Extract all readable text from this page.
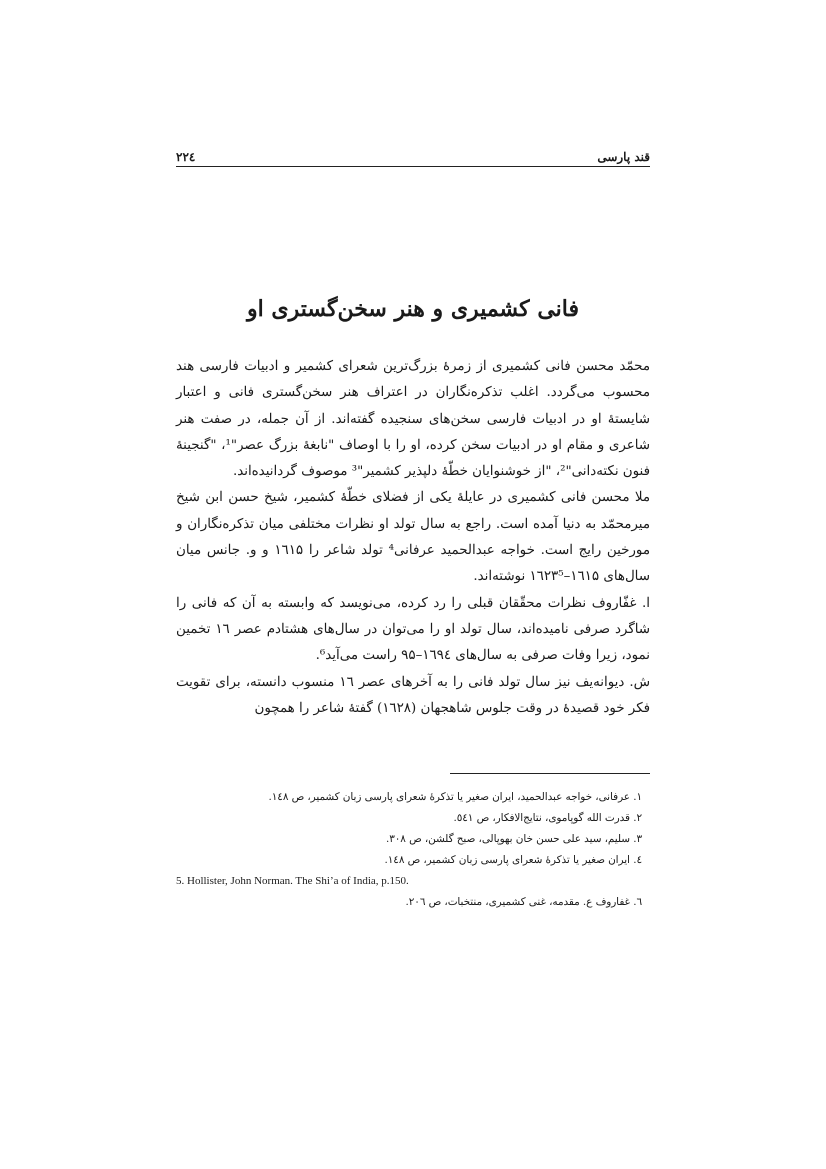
۲۲٤	قند پارسی
فانی کشمیری و هنر سخن‌گستری او

محمّد محسن فانی کشمیری از زمرهٔ بزرگ‌ترین شعرای کشمیر و ادبیات فارسی هند محسوب می‌گردد. اغلب تذکره‌نگاران در اعتراف هنر سخن‌گستری فانی و اعتبار شایستهٔ او در ادبیات فارسی سخن‌های سنجیده گفته‌اند. از آن جمله، در صفت هنر شاعری و مقام او در ادبیات سخن کرده، او را با اوصاف "نابغهٔ بزرگ عصر"¹، "گنجینهٔ فنون نکته‌دانی"²، "از خوشنوایان خطّهٔ دلپذیر کشمیر"³ موصوف گردانیده‌اند.

ملا محسن فانی کشمیری در عایلهٔ یکی از فضلای خطّهٔ کشمیر، شیخ حسن ابن شیخ میرمحمّد به دنیا آمده است. راجع به سال تولد او نظرات مختلفی میان تذکره‌نگاران و مورخین رایج است. خواجه عبدالحمید عرفانی⁴ تولد شاعر را ۱٦۱۵ و و. جانس میان سال‌های ۱٦۱۵–۱٦۲۳⁵ نوشته‌اند.

ا. غفّاروف نظرات محقّقان قبلی را رد کرده، می‌نویسد که وابسته به آن که فانی را شاگرد صرفی نامیده‌اند، سال تولد او را می‌توان در سال‌های هشتادم عصر ۱٦ تخمین نمود، زیرا وفات صرفی به سال‌های ۱٦۹٤–۹۵ راست می‌آید⁶.

ش. دیوانه‌یف نیز سال تولد فانی را به آخرهای عصر ۱٦ منسوب دانسته، برای تقویت فکر خود قصیدهٔ در وقت جلوس شاهجهان (۱٦۲۸) گفتهٔ شاعر را همچون

۱. عرفانی، خواجه عبدالحمید، ایران صغیر یا تذکرهٔ شعرای پارسی زبان کشمیر، ص ۱٤۸.

۲. قدرت الله گوپاموی، نتایج‌الافکار، ص ٥٤۱.

۳. سلیم، سید علی حسن خان بهوپالی، صبح گلشن، ص ۳۰۸.

٤. ایران صغیر یا تذکرهٔ شعرای پارسی زبان کشمیر، ص ۱٤۸.

5. Hollister, John Norman. The Shi’a of India, p.150.

٦. غفاروف ع. مقدمه، غنی کشمیری، منتخبات، ص ۲۰٦.
